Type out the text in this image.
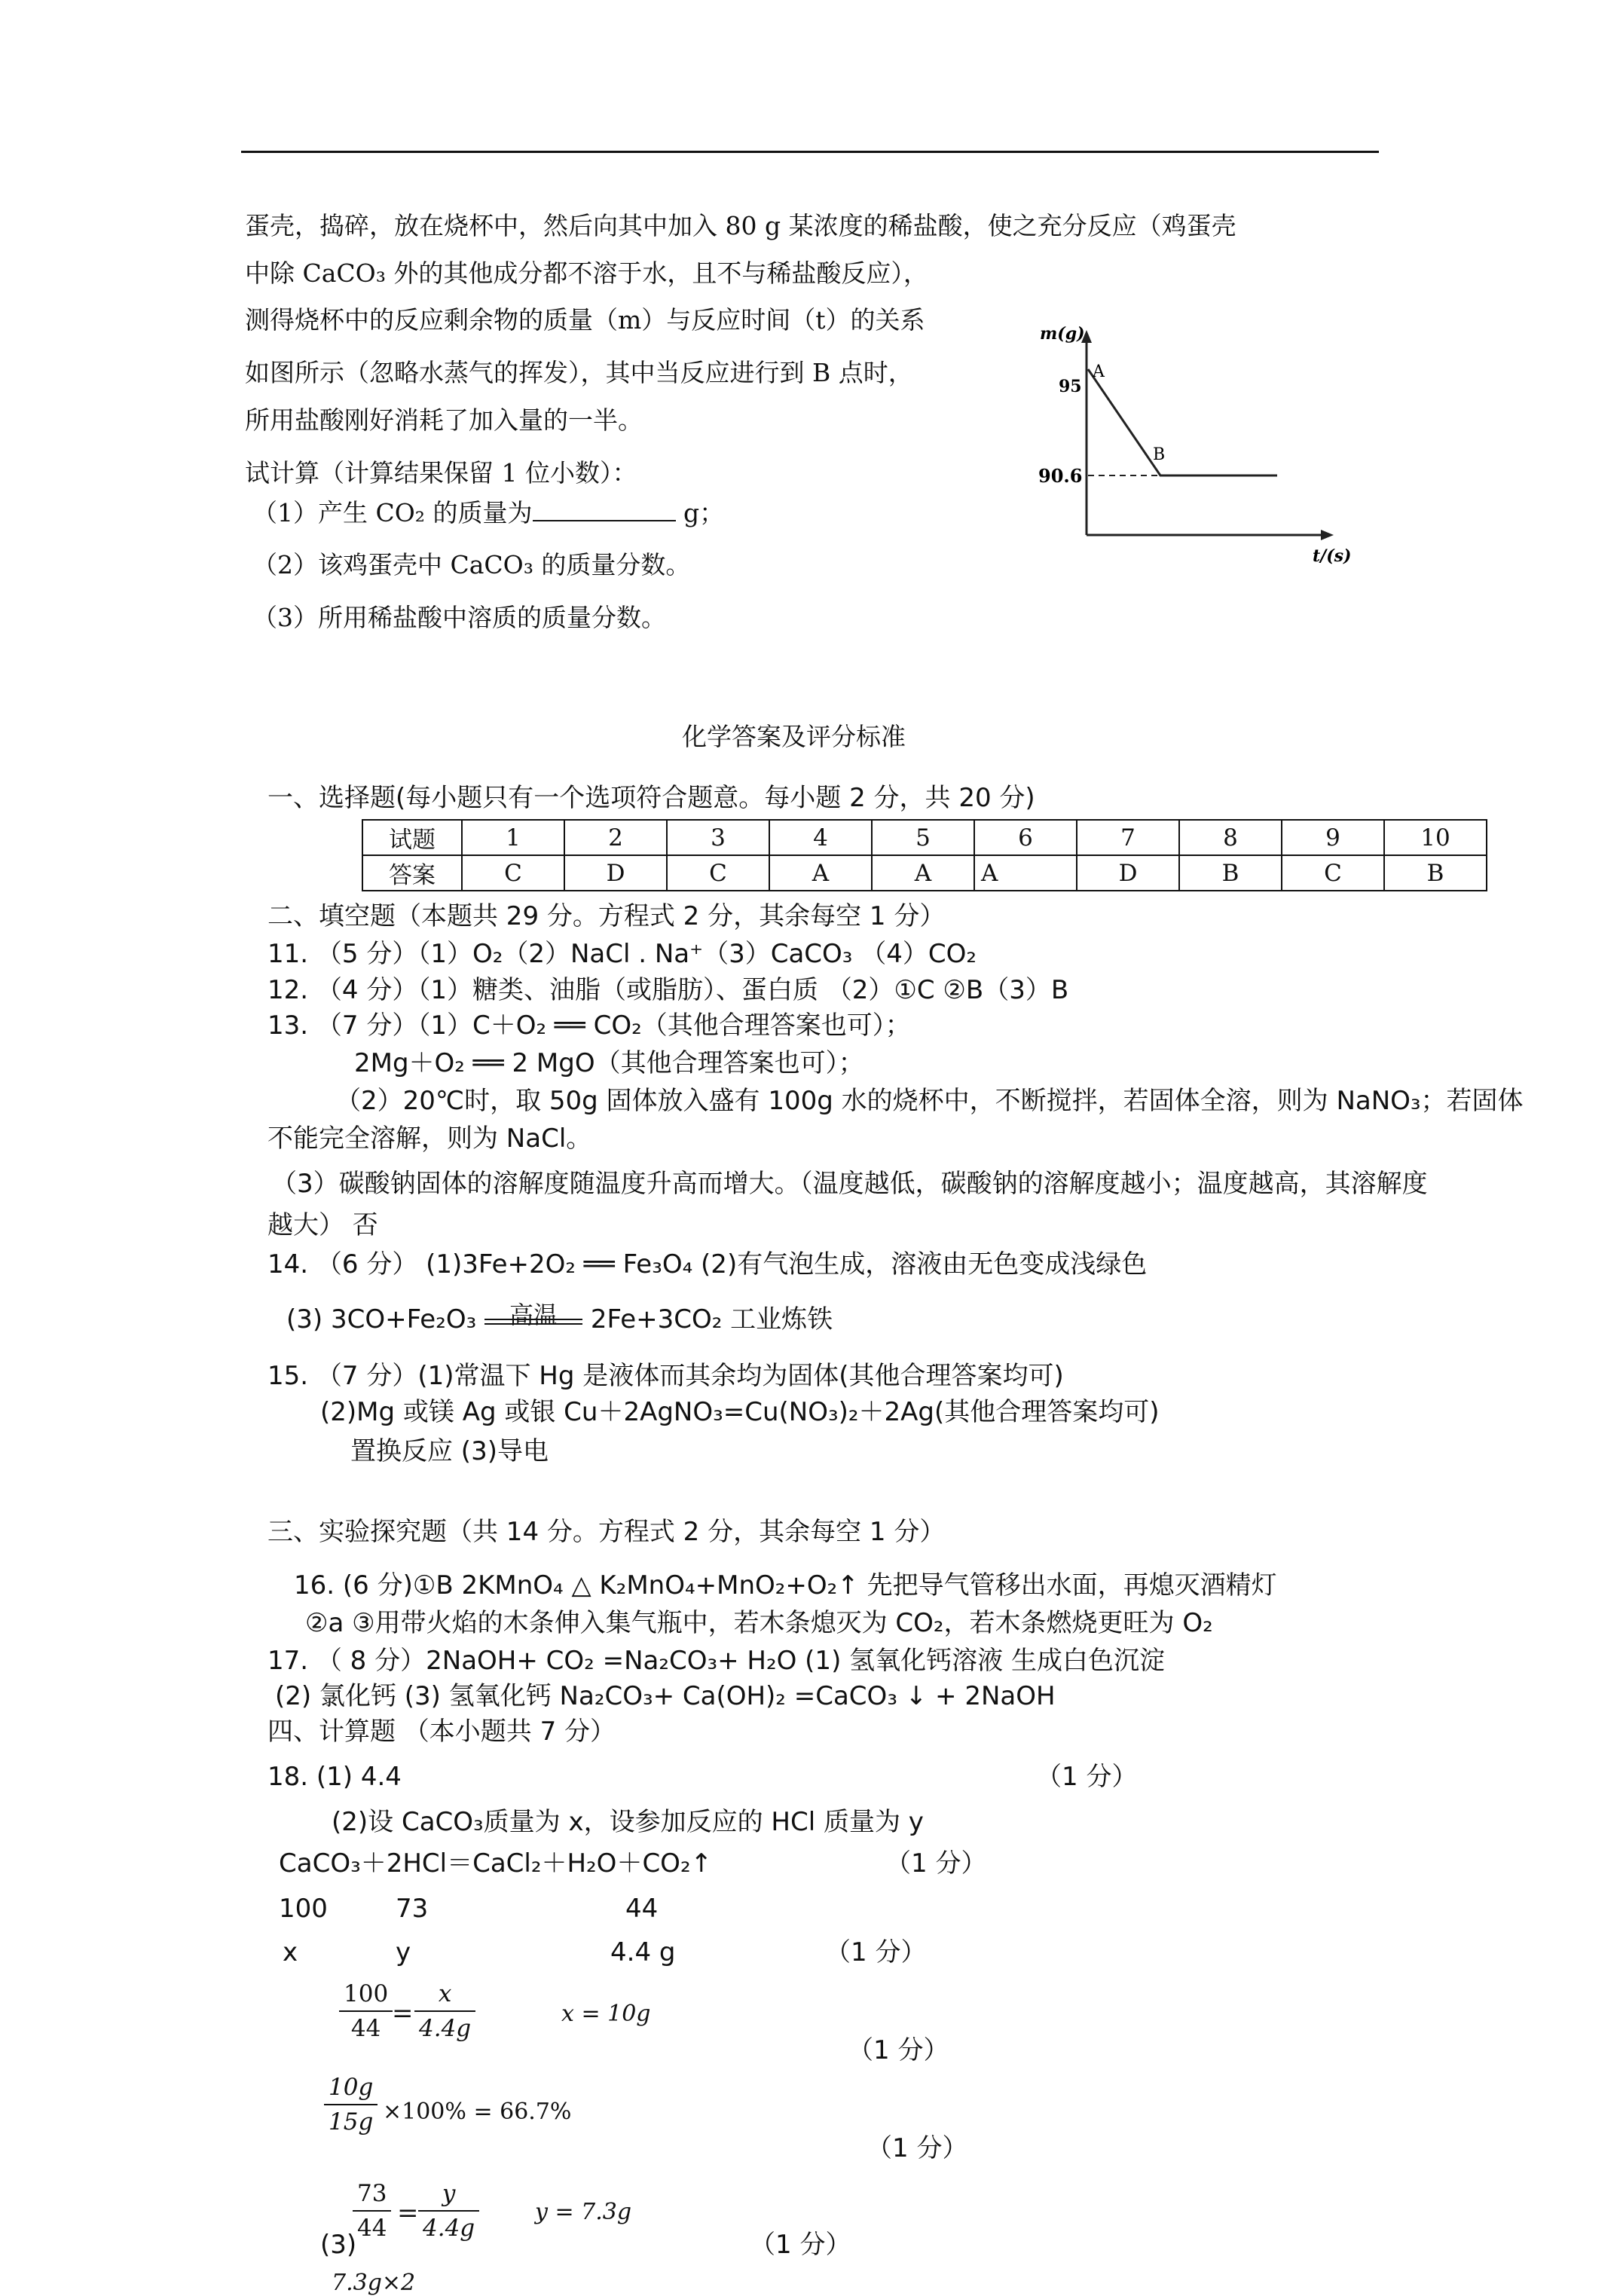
蛋壳，捣碎，放在烧杯中，然后向其中加入 80 g 某浓度的稀盐酸，使之充分反应（鸡蛋壳
中除 CaCO₃ 外的其他成分都不溶于水，且不与稀盐酸反应），
测得烧杯中的反应剩余物的质量（m）与反应时间（t）的关系
如图所示（忽略水蒸气的挥发），其中当反应进行到 B 点时，
所用盐酸刚好消耗了加入量的一半。
试计算（计算结果保留 1 位小数）：
（1）产生 CO₂ 的质量为	g；
（2）该鸡蛋壳中 CaCO₃ 的质量分数。
（3）所用稀盐酸中溶质的质量分数。
m(g)
t/(s)
95
90.6
A
B
化学答案及评分标准
一、选择题(每小题只有一个选项符合题意。每小题 2 分，共 20 分)
试题	1	2	3	4	5	6	7	8	9	10
答案	C	D	C	A	A	A	D	B	C	B
二、填空题（本题共 29 分。方程式 2 分，其余每空 1 分）
11. （5 分）（1）O₂（2）NaCl . Na⁺（3）CaCO₃ （4）CO₂
12. （4 分）（1）糖类、油脂（或脂肪）、蛋白质 （2）①C ②B（3）B
13. （7 分）（1）C＋O₂ ══ CO₂（其他合理答案也可）；
2Mg＋O₂ ══ 2 MgO（其他合理答案也可）；
（2）20℃时，取 50g 固体放入盛有 100g 水的烧杯中，不断搅拌，若固体全溶，则为 NaNO₃；若固体
不能完全溶解，则为 NaCl。
（3）碳酸钠固体的溶解度随温度升高而增大。（温度越低，碳酸钠的溶解度越小；温度越高，其溶解度
越大） 否
14. （6 分） (1)3Fe+2O₂ ══ Fe₃O₄ (2)有气泡生成，溶液由无色变成浅绿色
(3) 3CO+Fe₂O₃	高温	2Fe+3CO₂ 工业炼铁
15. （7 分）(1)常温下 Hg 是液体而其余均为固体(其他合理答案均可)
(2)Mg 或镁 Ag 或银 Cu＋2AgNO₃=Cu(NO₃)₂＋2Ag(其他合理答案均可)
置换反应 (3)导电
三、实验探究题（共 14 分。方程式 2 分，其余每空 1 分）
16. (6 分)①B 2KMnO₄ △ K₂MnO₄+MnO₂+O₂↑ 先把导气管移出水面，再熄灭酒精灯
②a ③用带火焰的木条伸入集气瓶中，若木条熄灭为 CO₂，若木条燃烧更旺为 O₂
17. （ 8 分）2NaOH+ CO₂ =Na₂CO₃+ H₂O (1) 氢氧化钙溶液 生成白色沉淀
(2) 氯化钙 (3) 氢氧化钙 Na₂CO₃+ Ca(OH)₂ =CaCO₃ ↓ + 2NaOH
四、计算题 （本小题共 7 分）
18. (1) 4.4	（1 分）
(2)设 CaCO₃质量为 x，设参加反应的 HCl 质量为 y
CaCO₃＋2HCl＝CaCl₂＋H₂O＋CO₂↑	（1 分）
100	73	44
x	y	4.4 g	（1 分）
100
44 =
x
4.4g
x = 10g
（1 分）
10g
15g ×100% = 66.7%
（1 分）
(3)
73
44 =
y
4.4g
y = 7.3g
（1 分）
7.3g×2
